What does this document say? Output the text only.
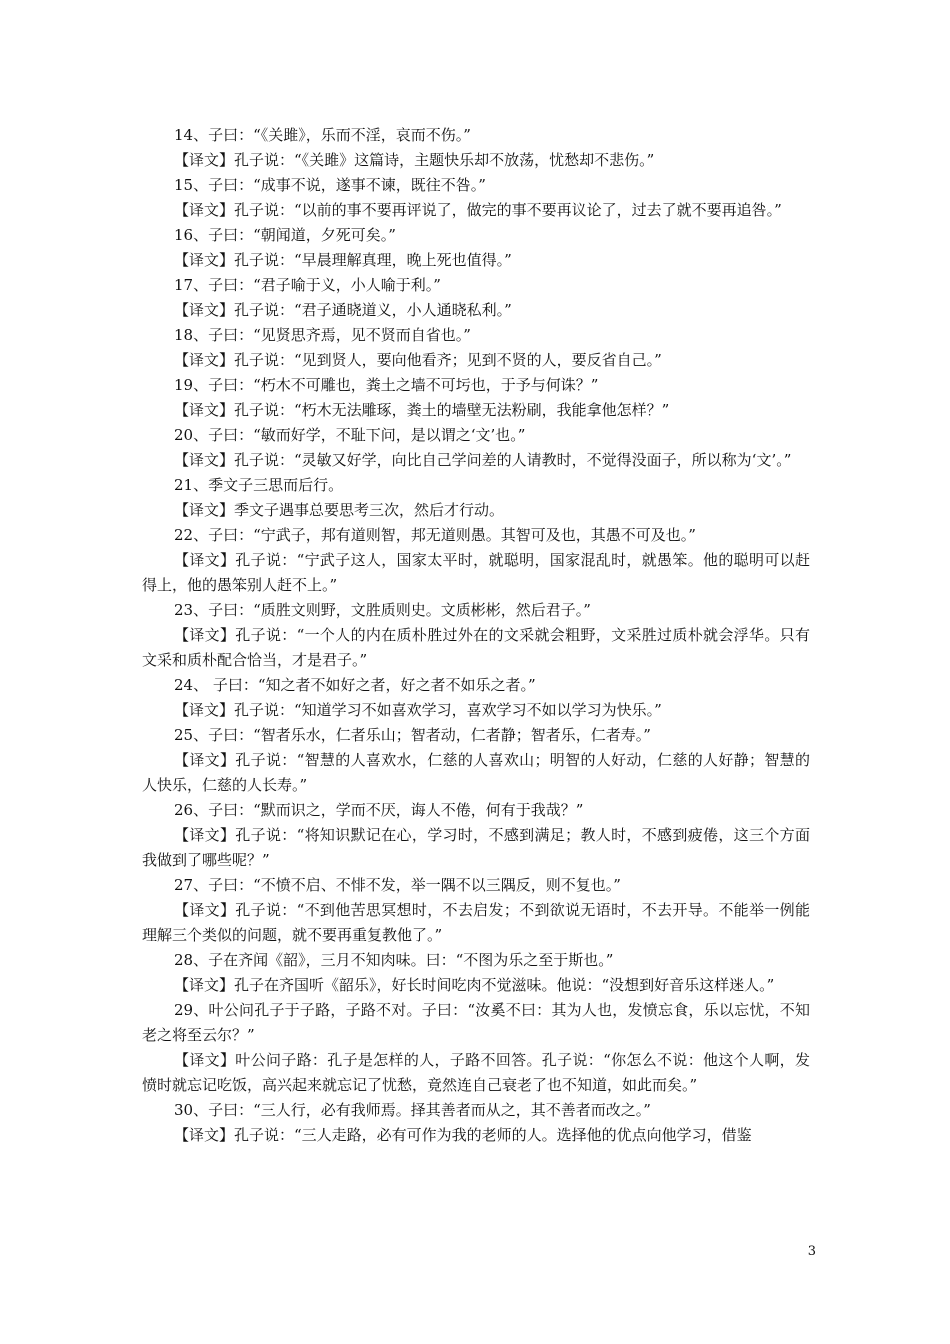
14、子曰：“《关雎》，乐而不淫，哀而不伤。”

【译文】孔子说：“《关雎》这篇诗，主题快乐却不放荡，忧愁却不悲伤。”

15、子曰：“成事不说，遂事不谏，既往不咎。”

【译文】孔子说：“以前的事不要再评说了，做完的事不要再议论了，过去了就不要再追咎。”

16、子曰：“朝闻道，夕死可矣。”

【译文】孔子说：“早晨理解真理，晚上死也值得。”

17、子曰：“君子喻于义，小人喻于利。”

【译文】孔子说：“君子通晓道义，小人通晓私利。”

18、子曰：“见贤思齐焉，见不贤而自省也。”

【译文】孔子说：“见到贤人，要向他看齐；见到不贤的人，要反省自己。”

19、子曰：“朽木不可雕也，粪土之墙不可圬也，于予与何诛？”

【译文】孔子说：“朽木无法雕琢，粪土的墙壁无法粉刷，我能拿他怎样？”

20、子曰：“敏而好学，不耻下问，是以谓之‘文’也。”

【译文】孔子说：“灵敏又好学，向比自己学问差的人请教时，不觉得没面子，所以称为‘文’。”

21、季文子三思而后行。

【译文】季文子遇事总要思考三次，然后才行动。

22、子曰：“宁武子，邦有道则智，邦无道则愚。其智可及也，其愚不可及也。”

【译文】孔子说：“宁武子这人，国家太平时，就聪明，国家混乱时，就愚笨。他的聪明可以赶得上，他的愚笨别人赶不上。”

23、子曰：“质胜文则野，文胜质则史。文质彬彬，然后君子。”

【译文】孔子说：“一个人的内在质朴胜过外在的文采就会粗野，文采胜过质朴就会浮华。只有文采和质朴配合恰当，才是君子。”

24、 子曰：“知之者不如好之者，好之者不如乐之者。”

【译文】孔子说：“知道学习不如喜欢学习，喜欢学习不如以学习为快乐。”

25、子曰：“智者乐水，仁者乐山；智者动，仁者静；智者乐，仁者寿。”

【译文】孔子说：“智慧的人喜欢水，仁慈的人喜欢山；明智的人好动，仁慈的人好静；智慧的人快乐，仁慈的人长寿。”

26、子曰：“默而识之，学而不厌，诲人不倦，何有于我哉？”

【译文】孔子说：“将知识默记在心，学习时，不感到满足；教人时，不感到疲倦，这三个方面我做到了哪些呢？”

27、子曰：“不愤不启、不悱不发，举一隅不以三隅反，则不复也。”

【译文】孔子说：“不到他苦思冥想时，不去启发；不到欲说无语时，不去开导。不能举一例能理解三个类似的问题，就不要再重复教他了。”

28、子在齐闻《韶》，三月不知肉味。曰：“不图为乐之至于斯也。”

【译文】孔子在齐国听《韶乐》，好长时间吃肉不觉滋味。他说：“没想到好音乐这样迷人。”

29、叶公问孔子于子路，子路不对。子曰：“汝奚不曰：其为人也，发愤忘食，乐以忘忧，不知老之将至云尔？”

【译文】叶公问子路：孔子是怎样的人，子路不回答。孔子说：“你怎么不说：他这个人啊，发愤时就忘记吃饭，高兴起来就忘记了忧愁，竟然连自己衰老了也不知道，如此而矣。”

30、子曰：“三人行，必有我师焉。择其善者而从之，其不善者而改之。”

【译文】孔子说：“三人走路，必有可作为我的老师的人。选择他的优点向他学习，借鉴

3
